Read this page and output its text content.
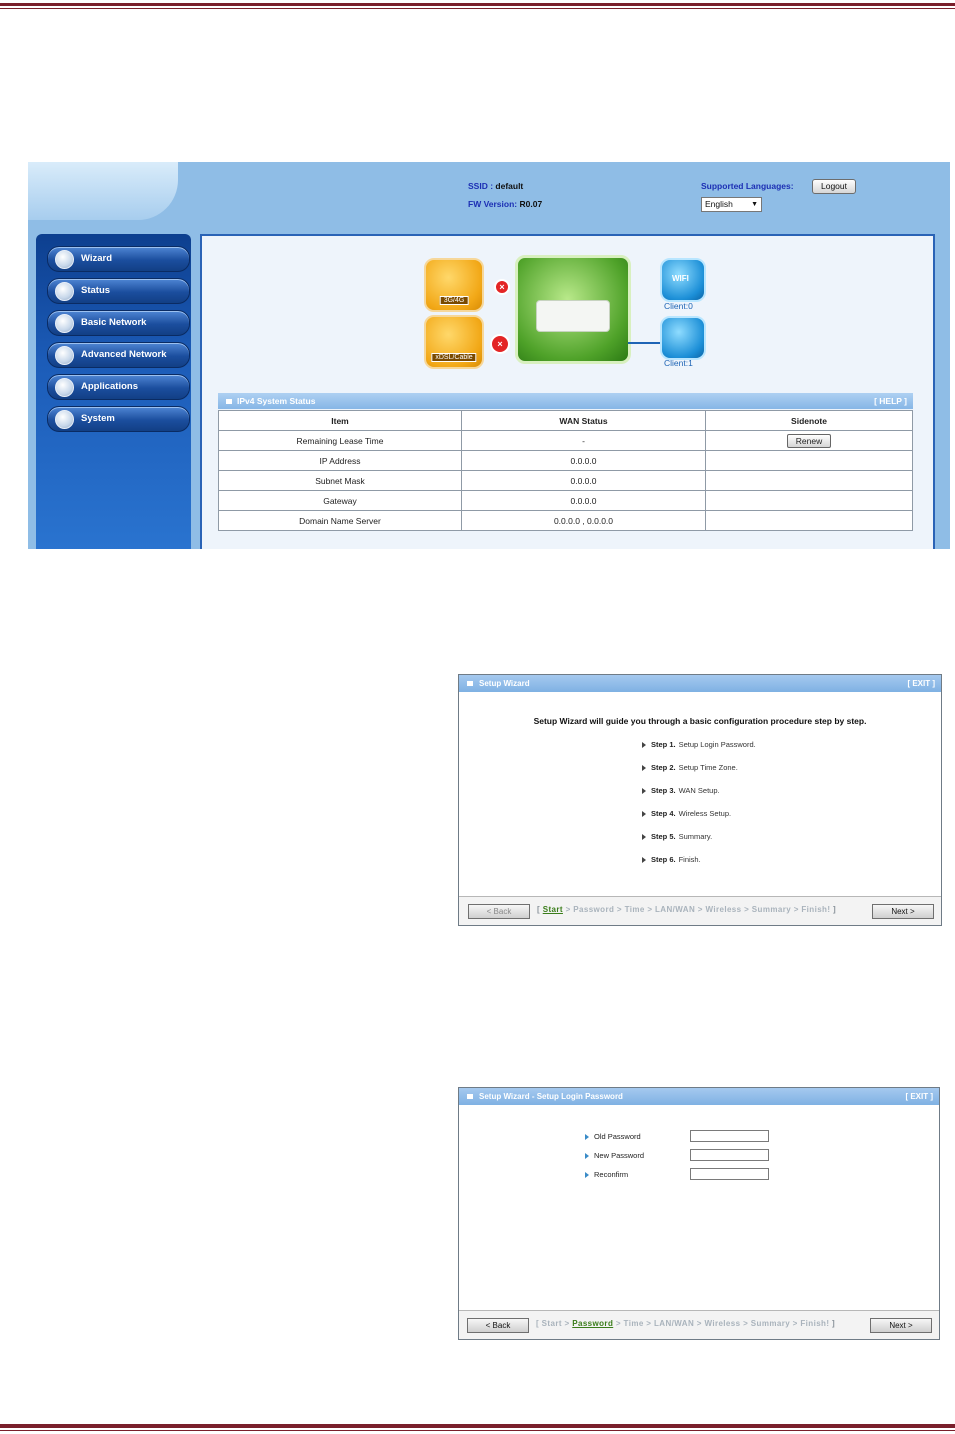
SSID : default
FW Version: R0.07
Supported Languages:	Logout
English	▼
Wizard
Status
Basic Network
Advanced Network
Applications
System
3G/4G
xDSL/Cable
×
×
WIFI
Client:0
Client:1
IPv4 System Status	[ HELP ]
Item	WAN Status	Sidenote
Remaining Lease Time	-	Renew
IP Address	0.0.0.0	
Subnet Mask	0.0.0.0	
Gateway	0.0.0.0	
Domain Name Server	0.0.0.0 , 0.0.0.0	
Setup Wizard	[ EXIT ]
Setup Wizard will guide you through a basic configuration procedure step by step.
Step 1. Setup Login Password.
Step 2. Setup Time Zone.
Step 3. WAN Setup.
Step 4. Wireless Setup.
Step 5. Summary.
Step 6. Finish.
< Back	[ Start > Password > Time > LAN/WAN > Wireless > Summary > Finish! ]	Next >
Setup Wizard - Setup Login Password	[ EXIT ]
Old Password
New Password
Reconfirm
< Back	[ Start > Password > Time > LAN/WAN > Wireless > Summary > Finish! ]	Next >
